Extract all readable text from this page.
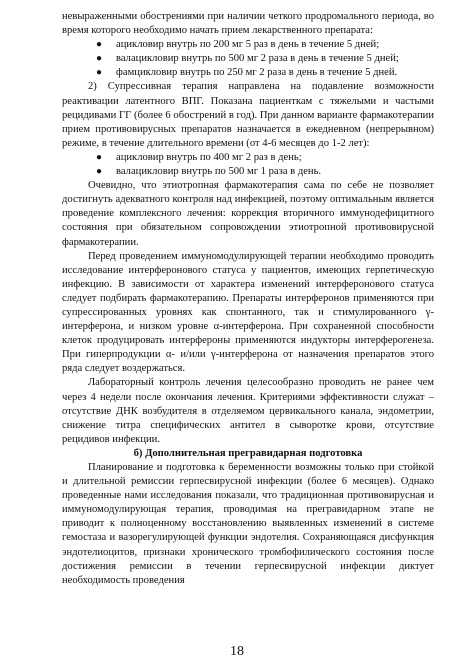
невыраженными обострениями при наличии четкого продромального периода, во время которого необходимо начать прием лекарственного препарата:

● ацикловир внутрь по 200 мг 5 раз в день в течение 5 дней;
● валацикловир внутрь по 500 мг 2 раза в день в течение 5 дней;
● фамцикловир внутрь по 250 мг 2 раза в день в течение 5 дней.

2) Супрессивная терапия направлена на подавление возможности реактивации латентного ВПГ. Показана пациенткам с тяжелыми и частыми рецидивами ГГ (более 6 обострений в год). При данном варианте фармакотерапии прием противовирусных препаратов назначается в ежедневном (непрерывном) режиме, в течение длительного времени (от 4-6 месяцев до 1-2 лет):

● ацикловир внутрь по 400 мг 2 раз в день;
● валацикловир внутрь по 500 мг 1 раза в день.

Очевидно, что этиотропная фармакотерапия сама по себе не позволяет достигнуть адекватного контроля над инфекцией, поэтому оптимальным является проведение комплексного лечения: коррекция вторичного иммунодефицитного состояния при обязательном сопровождении этиотропной противовирусной фармакотерапии.

Перед проведением иммуномодулирующей терапии необходимо проводить исследование интерферонового статуса у пациентов, имеющих герпетическую инфекцию. В зависимости от характера изменений интерферонового статуса следует подбирать фармакотерапию. Препараты интерферонов применяются при супрессированных уровнях как спонтанного, так и стимулированного γ-интерферона, и низком уровне α-интерферона. При сохраненной способности клеток продуцировать интерфероны применяются индукторы интерферогенеза. При гиперпродукции α- и/или γ-интерферона от назначения препаратов этого ряда следует воздержаться.

Лабораторный контроль лечения целесообразно проводить не ранее чем через 4 недели после окончания лечения. Критериями эффективности служат – отсутствие ДНК возбудителя в отделяемом цервикального канала, эндометрии, снижение титра специфических антител в сыворотке крови, отсутствие рецидивов инфекции.

б) Дополнительная прегравидарная подготовка

Планирование и подготовка к беременности возможны только при стойкой и длительной ремиссии герпесвирусной инфекции (более 6 месяцев). Однако проведенные нами исследования показали, что традиционная противовирусная и иммуномодулирующая терапия, проводимая на прегравидарном этапе не приводит к полноценному восстановлению выявленных изменений в системе гемостаза и вазорегулирующей функции эндотелия. Сохраняющаяся дисфункция эндотелиоцитов, признаки хронического тромбофилического состояния после достижения ремиссии в течении герпесвирусной инфекции диктует необходимость проведения

18
